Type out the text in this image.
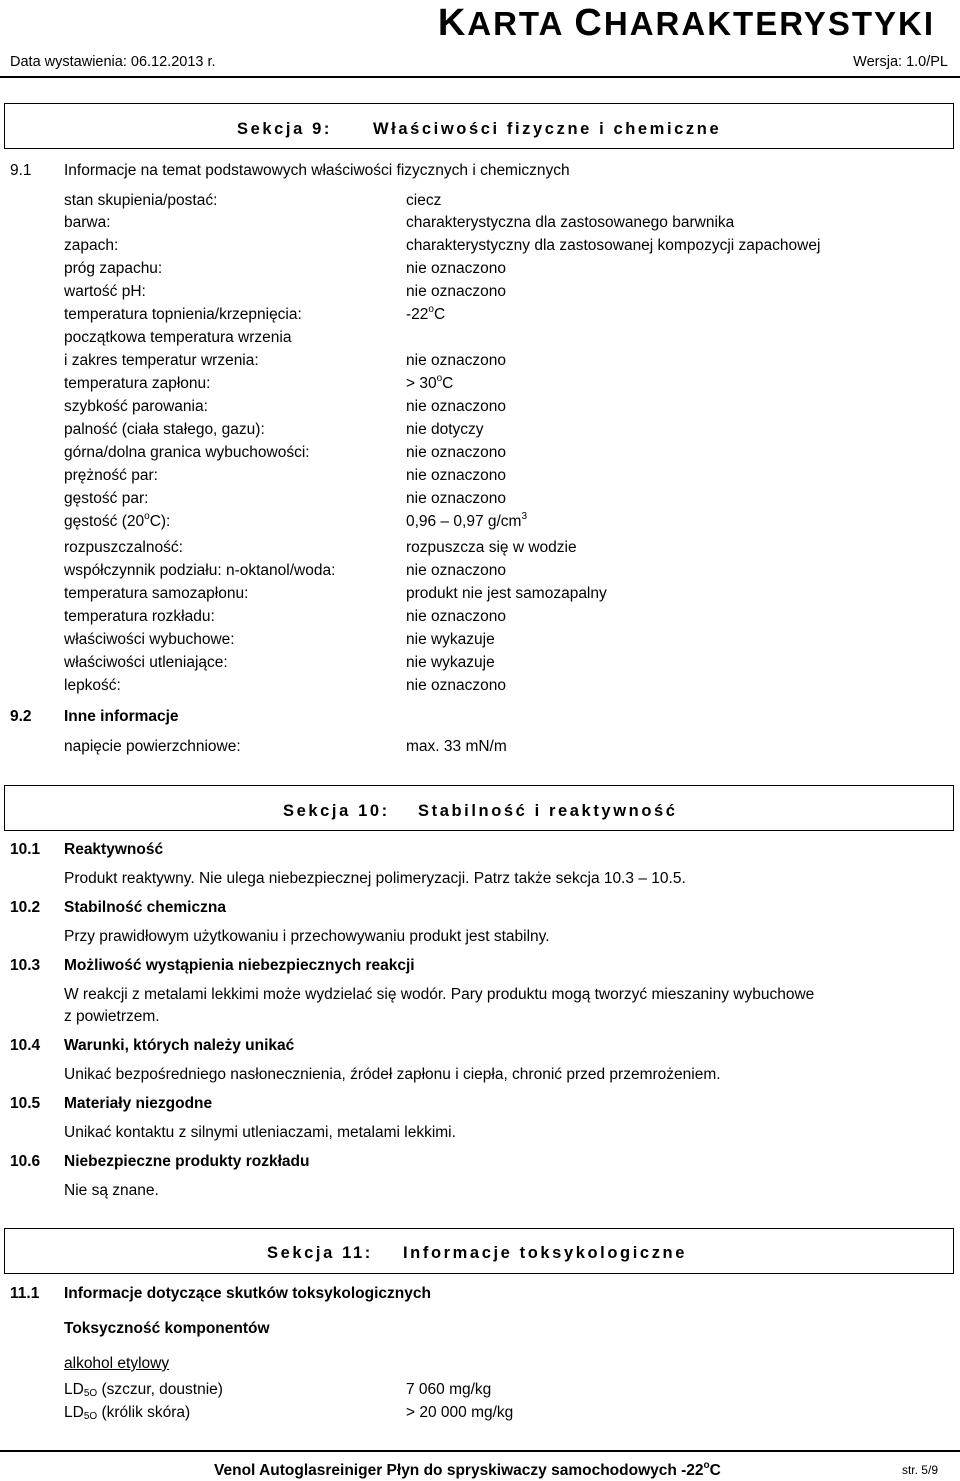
KARTA CHARAKTERYSTYKI
Data wystawienia: 06.12.2013 r.	Wersja: 1.0/PL
Sekcja 9: Właściwości fizyczne i chemiczne
9.1 Informacje na temat podstawowych właściwości fizycznych i chemicznych
stan skupienia/postać:	ciecz
barwa:	charakterystyczna dla zastosowanego barwnika
zapach:	charakterystyczny dla zastosowanej kompozycji zapachowej
próg zapachu:	nie oznaczono
wartość pH:	nie oznaczono
temperatura topnienia/krzepnięcia:	-22$^o$C
początkowa temperatura wrzenia
i zakres temperatur wrzenia:	nie oznaczono
temperatura zapłonu:	> $30^oC$
szybkość parowania:	nie oznaczono
palność (ciała stałego, gazu):	nie dotyczy
górna/dolna granica wybuchowości:	nie oznaczono
prężność par:	nie oznaczono
gęstość par:	nie oznaczono
gęstość (20$^o$C):	0,96 – 0,97 $g/cm^3$
rozpuszczalność:	rozpuszcza się w wodzie
współczynnik podziału: n-oktanol/woda:	nie oznaczono
temperatura samozapłonu:	produkt nie jest samozapalny
temperatura rozkładu:	nie oznaczono
właściwości wybuchowe:	nie wykazuje
właściwości utleniające:	nie wykazuje
lepkość:	nie oznaczono
9.2 Inne informacje
napięcie powierzchniowe:	max. 33 mN/m
Sekcja 10: Stabilność i reaktywność
10.1 Reaktywność
Produkt reaktywny. Nie ulega niebezpiecznej polimeryzacji. Patrz także sekcja 10.3 – 10.5.
10.2 Stabilność chemiczna
Przy prawidłowym użytkowaniu i przechowywaniu produkt jest stabilny.
10.3 Możliwość wystąpienia niebezpiecznych reakcji
W reakcji z metalami lekkimi może wydzielać się wodór. Pary produktu mogą tworzyć mieszaniny wybuchowe
z powietrzem.
10.4 Warunki, których należy unikać
Unikać bezpośredniego nasłonecznienia, źródeł zapłonu i ciepła, chronić przed przemrożeniem.
10.5 Materiały niezgodne
Unikać kontaktu z silnymi utleniaczami, metalami lekkimi.
10.6 Niebezpieczne produkty rozkładu
Nie są znane.
Sekcja 11: Informacje toksykologiczne
11.1 Informacje dotyczące skutków toksykologicznych
Toksyczność komponentów
alkohol etylowy
$LD_{5O}$ (szczur, doustnie)	7 060 mg/kg
$LD_{5O}$ (królik skóra)	> 20 000 mg/kg
Venol Autoglasreiniger Płyn do spryskiwaczy samochodowych -22$^o$C	str. 5/9
